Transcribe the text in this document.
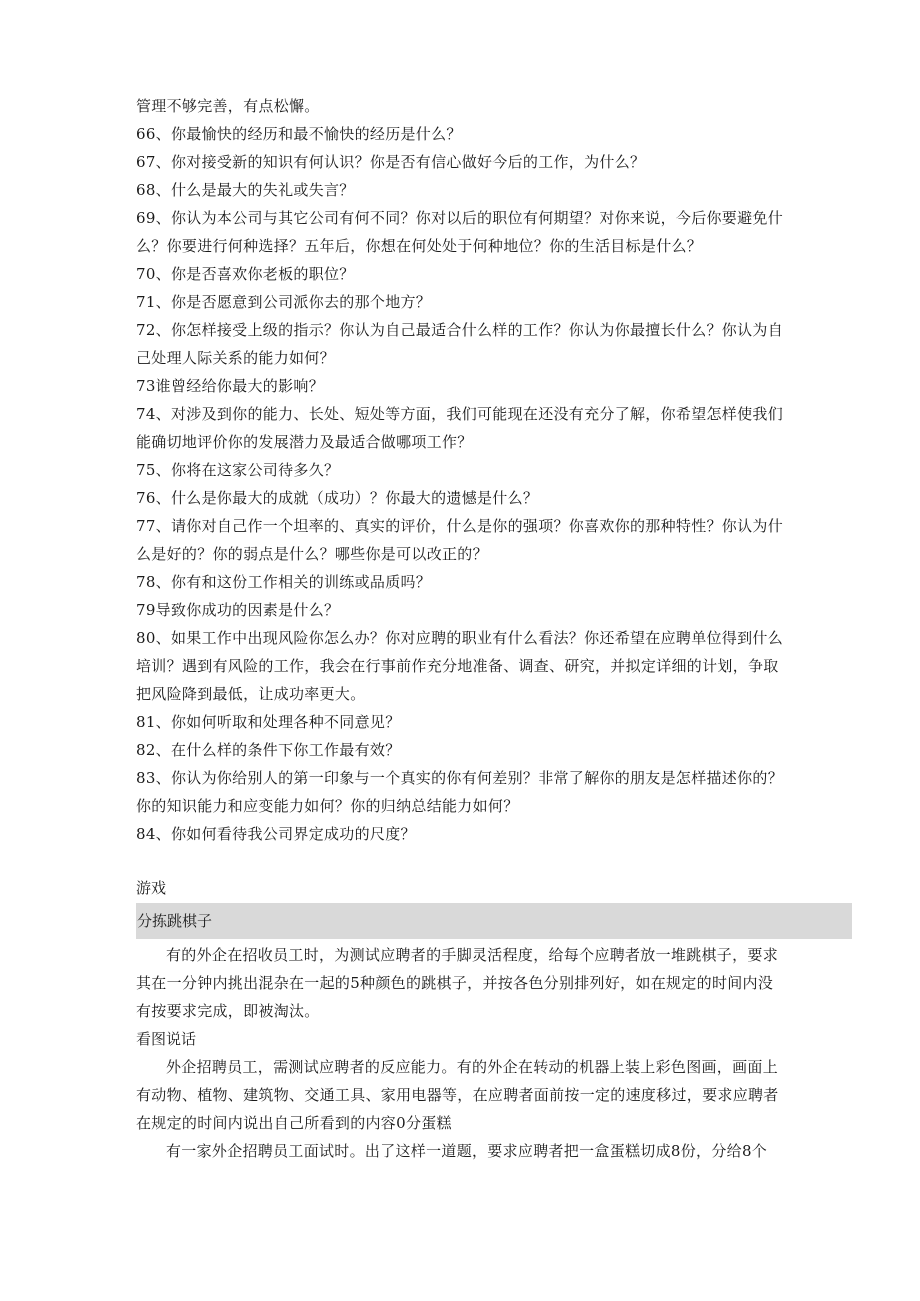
管理不够完善，有点松懈。
66、你最愉快的经历和最不愉快的经历是什么？
67、你对接受新的知识有何认识？你是否有信心做好今后的工作，为什么？
68、什么是最大的失礼或失言？
69、你认为本公司与其它公司有何不同？你对以后的职位有何期望？对你来说，今后你要避免什
么？你要进行何种选择？五年后，你想在何处处于何种地位？你的生活目标是什么？
70、你是否喜欢你老板的职位？
71、你是否愿意到公司派你去的那个地方？
72、你怎样接受上级的指示？你认为自己最适合什么样的工作？你认为你最擅长什么？你认为自
己处理人际关系的能力如何？
73谁曾经给你最大的影响？
74、对涉及到你的能力、长处、短处等方面，我们可能现在还没有充分了解，你希望怎样使我们
能确切地评价你的发展潜力及最适合做哪项工作？
75、你将在这家公司待多久？
76、什么是你最大的成就（成功）？你最大的遗憾是什么？
77、请你对自己作一个坦率的、真实的评价，什么是你的强项？你喜欢你的那种特性？你认为什
么是好的？你的弱点是什么？哪些你是可以改正的？
78、你有和这份工作相关的训练或品质吗？
79导致你成功的因素是什么？
80、如果工作中出现风险你怎么办？你对应聘的职业有什么看法？你还希望在应聘单位得到什么
培训？遇到有风险的工作，我会在行事前作充分地准备、调查、研究，并拟定详细的计划，争取
把风险降到最低，让成功率更大。
81、你如何听取和处理各种不同意见？
82、在什么样的条件下你工作最有效？
83、你认为你给别人的第一印象与一个真实的你有何差别？非常了解你的朋友是怎样描述你的？
你的知识能力和应变能力如何？你的归纳总结能力如何？
84、你如何看待我公司界定成功的尺度？
游戏
分拣跳棋子
有的外企在招收员工时，为测试应聘者的手脚灵活程度，给每个应聘者放一堆跳棋子，要求
其在一分钟内挑出混杂在一起的5种颜色的跳棋子，并按各色分别排列好，如在规定的时间内没
有按要求完成，即被淘汰。
看图说话
外企招聘员工，需测试应聘者的反应能力。有的外企在转动的机器上装上彩色图画，画面上
有动物、植物、建筑物、交通工具、家用电器等，在应聘者面前按一定的速度移过，要求应聘者
在规定的时间内说出自己所看到的内容0分蛋糕
有一家外企招聘员工面试时。出了这样一道题，要求应聘者把一盒蛋糕切成8份，分给8个
